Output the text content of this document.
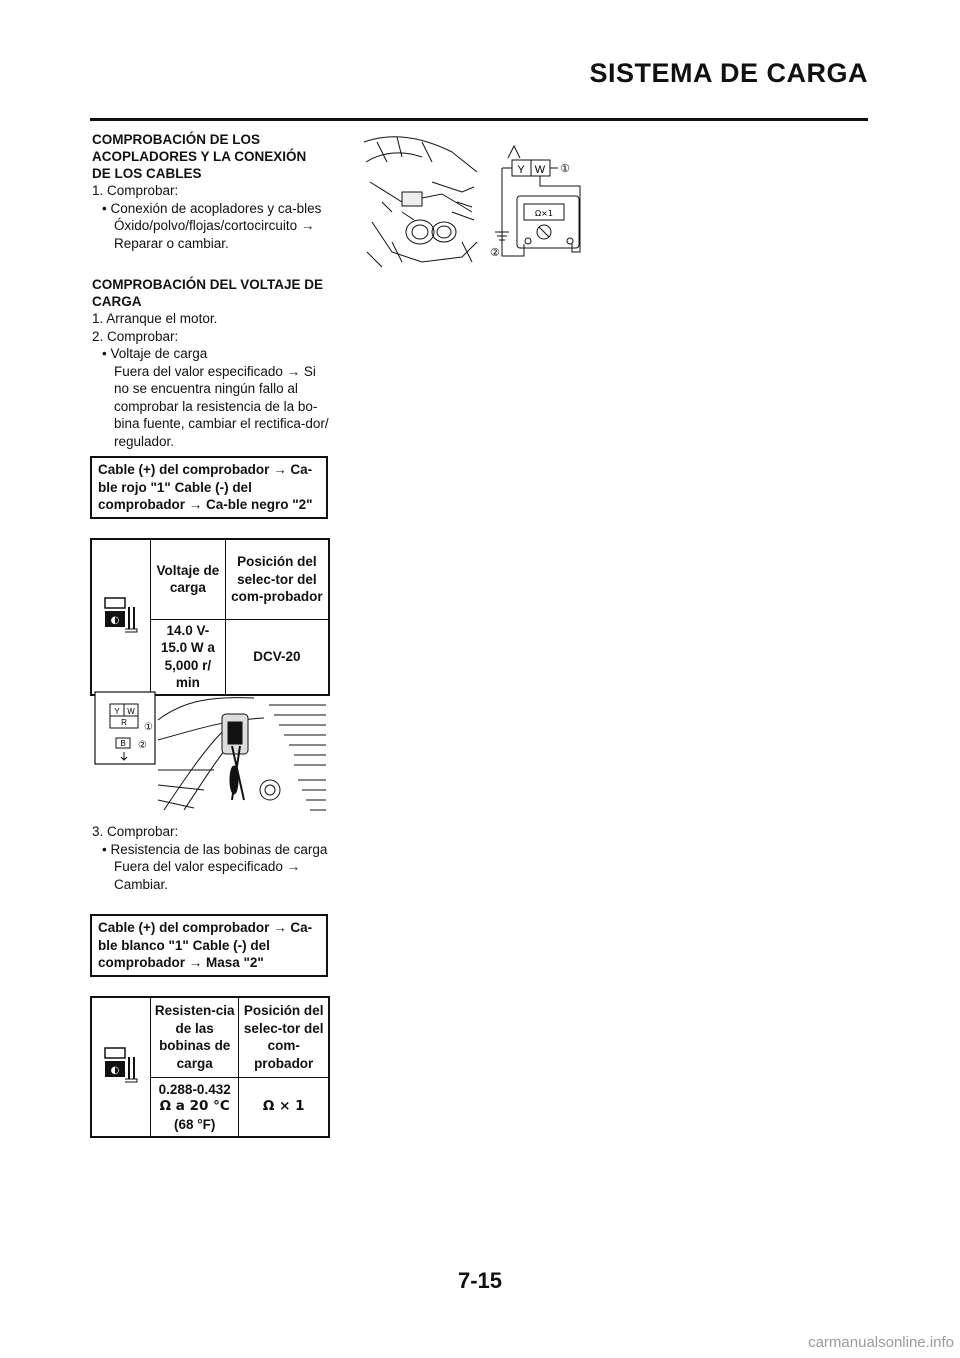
SISTEMA DE CARGA
COMPROBACIÓN DE LOS ACOPLADORES Y LA CONEXIÓN DE LOS CABLES

1. Comprobar:

• Conexión de acopladores y ca-bles

Óxido/polvo/flojas/cortocircuito →

Reparar o cambiar.

COMPROBACIÓN DEL VOLTAJE DE CARGA

1. Arranque el motor.

2. Comprobar:

• Voltaje de carga

Fuera del valor especificado → Si no se encuentra ningún fallo al comprobar la resistencia de la bo-bina fuente, cambiar el rectifica-dor/ regulador.

Cable (+) del comprobador → Ca-ble rojo "1" Cable (-) del comprobador → Ca-ble negro "2"
◐	Voltaje de carga	Posición del selec-tor del com-probador
	14.0 V-15.0 W a 5,000 r/ min	DCV-20
Y W
R ①
B ②

3. Comprobar:

• Resistencia de las bobinas de carga

Fuera del valor especificado →

Cambiar.

Cable (+) del comprobador → Ca-ble blanco "1" Cable (-) del comprobador → Masa "2"
◐	Resisten-cia de las bobinas de carga	Posición del selec-tor del com-probador

	0.288-0.432
Ω a 20 °C
(68 °F)	Ω × 1
Y W ①
②
Ω×1
7-15
carmanualsonline.info
